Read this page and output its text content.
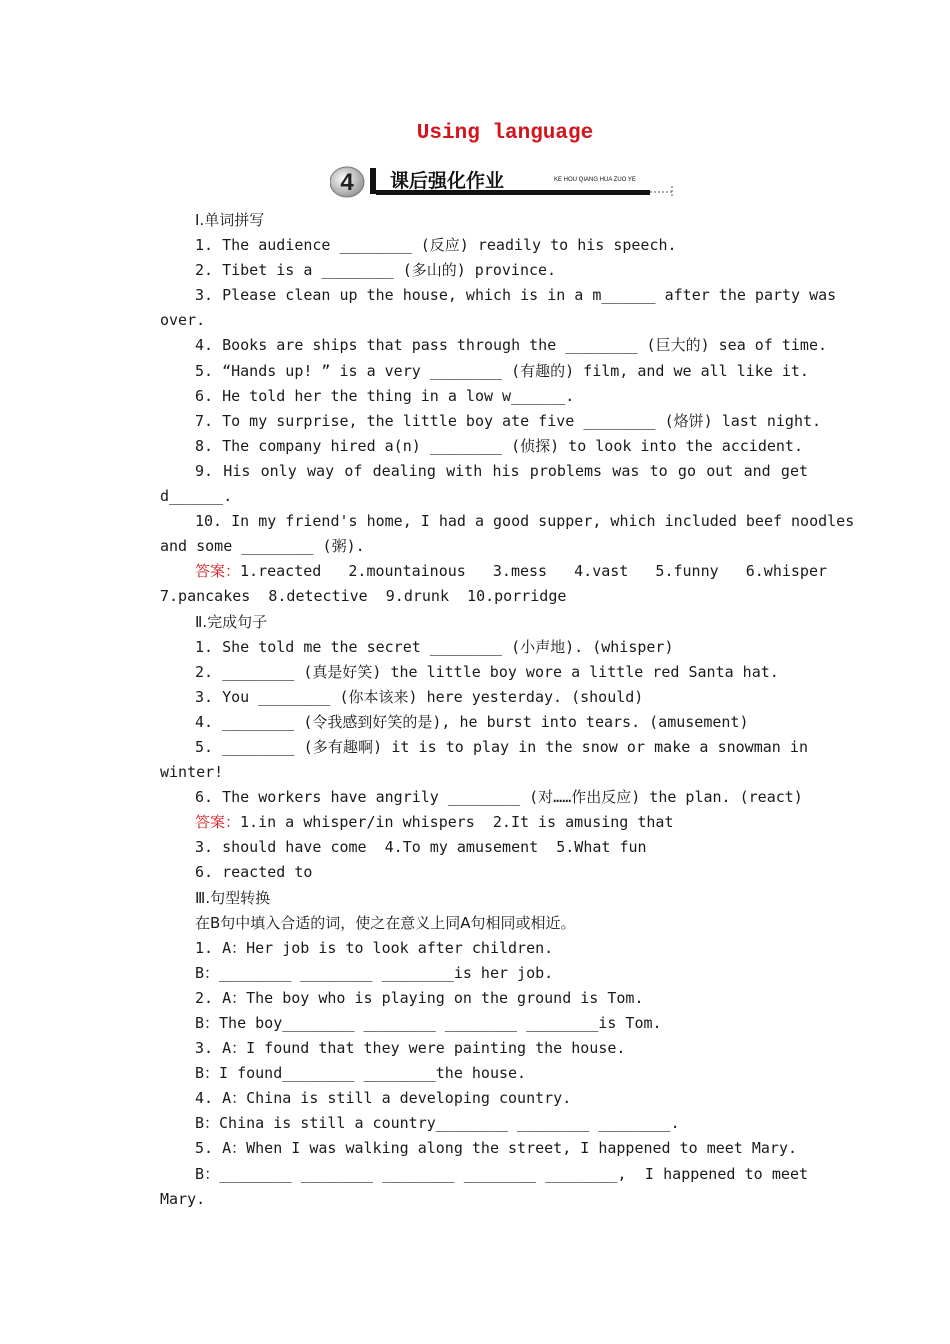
Using language
4 课后强化作业	KE HOU QIANG HUA ZUO YE
Ⅰ.单词拼写
1. The audience ________ (反应) readily to his speech.
2. Tibet is a ________ (多山的) province.
3. Please clean up the house, which is in a m______ after the party was
over.
4. Books are ships that pass through the ________ (巨大的) sea of time.
5. “Hands up! ” is a very ________ (有趣的) film, and we all like it.
6. He told her the thing in a low w______.
7. To my surprise, the little boy ate five ________ (烙饼) last night.
8. The company hired a(n) ________ (侦探) to look into the accident.
9. His only way of dealing with his problems was to go out and get
d______.
10. In my friend's home, I had a good supper, which included beef noodles
and some ________ (粥).
答案：1.reacted   2.mountainous   3.mess   4.vast   5.funny   6.whisper
7.pancakes  8.detective  9.drunk  10.porridge
Ⅱ.完成句子
1. She told me the secret ________ (小声地). (whisper)
2. ________ (真是好笑) the little boy wore a little red Santa hat.
3. You ________ (你本该来) here yesterday. (should)
4. ________ (令我感到好笑的是), he burst into tears. (amusement)
5. ________ (多有趣啊) it is to play in the snow or make a snowman in
winter!
6. The workers have angrily ________ (对……作出反应) the plan. (react)
答案：1.in a whisper/in whispers  2.It is amusing that
3. should have come  4.To my amusement  5.What fun
6. reacted to
Ⅲ.句型转换
在B句中填入合适的词，使之在意义上同A句相同或相近。
1. A：Her job is to look after children.
B：________ ________ ________is her job.
2. A：The boy who is playing on the ground is Tom.
B：The boy________ ________ ________ ________is Tom.
3. A：I found that they were painting the house.
B：I found________ ________the house.
4. A：China is still a developing country.
B：China is still a country________ ________ ________.
5. A：When I was walking along the street, I happened to meet Mary.
B：________ ________ ________ ________ ________,  I happened to meet
Mary.
